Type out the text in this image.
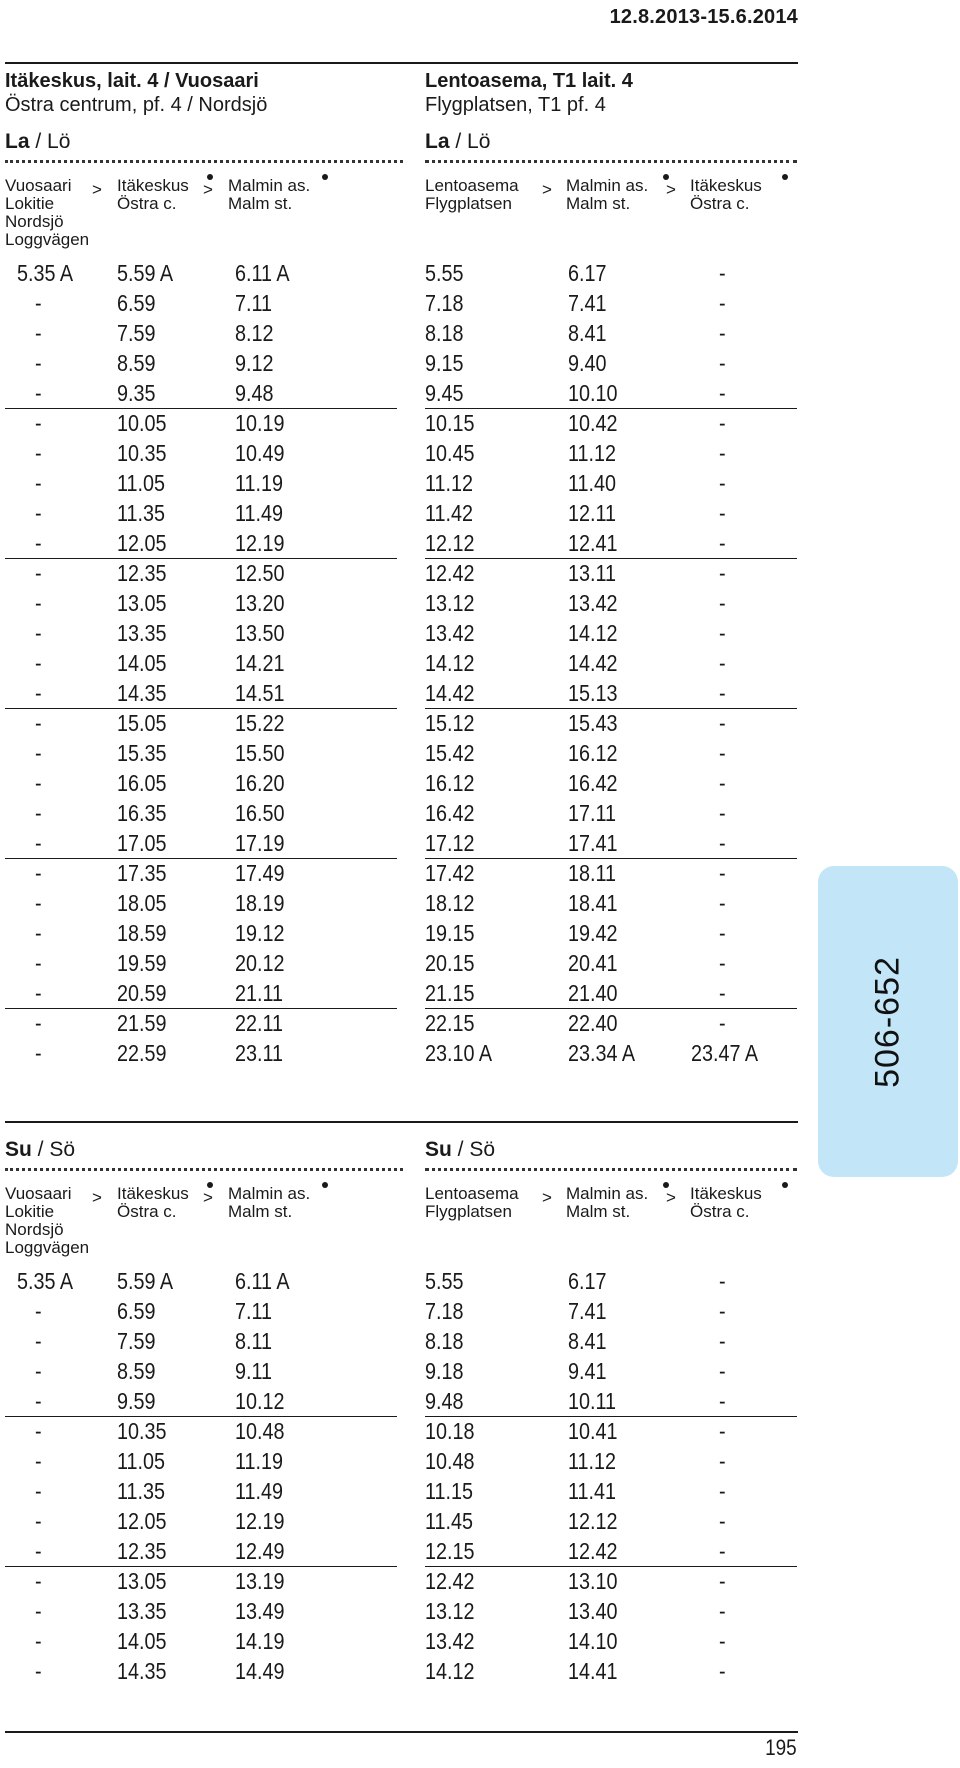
12.8.2013-15.6.2014
Itäkeskus, lait. 4 / Vuosaari
Östra centrum, pf. 4 / Nordsjö
Lentoasema, T1 lait. 4
Flygplatsen, T1 pf. 4
La / Lö	La / Lö
Vuosaari
Lokitie
Nordsjö
Loggvägen
> Itäkeskus
Östra c.
> Malmin as.
Malm st.
Lentoasema
Flygplatsen
> Malmin as.
Malm st.
> Itäkeskus
Östra c.
5.35 A 5.59 A	6.11 A
-	6.59	7.11
-	7.59	8.12
-	8.59	9.12
-	9.35	9.48
-	10.05	10.19
-	10.35	10.49
-	11.05	11.19
-	11.35	11.49
-	12.05	12.19
-	12.35	12.50
-	13.05	13.20
-	13.35	13.50
-	14.05	14.21
-	14.35	14.51
-	15.05	15.22
-	15.35	15.50
-	16.05	16.20
-	16.35	16.50
-	17.05	17.19
-	17.35	17.49
-	18.05	18.19
-	18.59	19.12
-	19.59	20.12
-	20.59	21.11
-	21.59	22.11
-	22.59	23.11
5.55	6.17	-
7.18	7.41	-
8.18	8.41	-
9.15	9.40	-
9.45	10.10	-
10.15	10.42	-
10.45	11.12	-
11.12	11.40	-
11.42	12.11	-
12.12	12.41	-
12.42	13.11	-
13.12	13.42	-
13.42	14.12	-
14.12	14.42	-
14.42	15.13	-
15.12	15.43	-
15.42	16.12	-
16.12	16.42	-
16.42	17.11	-
17.12	17.41	-
17.42	18.11	-
18.12	18.41	-
19.15	19.42	-
20.15	20.41	-
21.15	21.40	-
22.15	22.40	-
23.10 A	23.34 A 23.47 A
Su / Sö	Su / Sö
Vuosaari
Lokitie
Nordsjö
Loggvägen
> Itäkeskus
Östra c.
> Malmin as.
Malm st.
Lentoasema
Flygplatsen
> Malmin as.
Malm st.
> Itäkeskus
Östra c.
5.35 A 5.59 A	6.11 A
-	6.59	7.11
-	7.59	8.11
-	8.59	9.11
-	9.59	10.12
-	10.35	10.48
-	11.05	11.19
-	11.35	11.49
-	12.05	12.19
-	12.35	12.49
-	13.05	13.19
-	13.35	13.49
-	14.05	14.19
-	14.35	14.49
5.55	6.17	-
7.18	7.41	-
8.18	8.41	-
9.18	9.41	-
9.48	10.11	-
10.18	10.41	-
10.48	11.12	-
11.15	11.41	-
11.45	12.12	-
12.15	12.42	-
12.42	13.10	-
13.12	13.40	-
13.42	14.10	-
14.12	14.41	-
506-652
195
